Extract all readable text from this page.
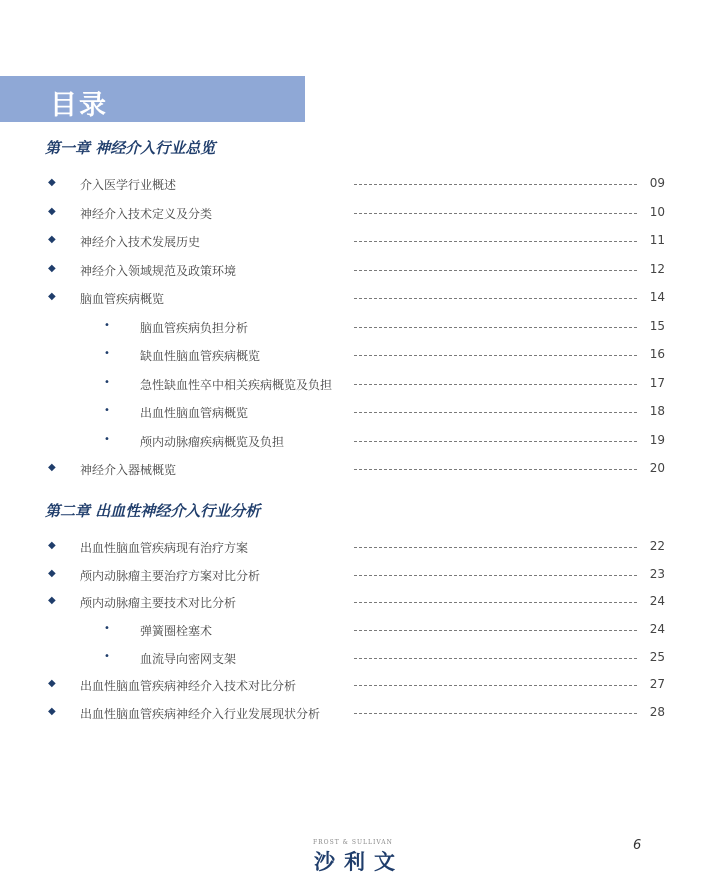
目录
第一章 神经介入行业总览
◆ 介入医学行业概述	09
◆ 神经介入技术定义及分类	10
◆ 神经介入技术发展历史	11
◆ 神经介入领域规范及政策环境	12
◆ 脑血管疾病概览	14
•	脑血管疾病负担分析	15
•	缺血性脑血管疾病概览	16
•	急性缺血性卒中相关疾病概览及负担	17
•	出血性脑血管病概览	18
•	颅内动脉瘤疾病概览及负担	19
◆ 神经介入器械概览	20
第二章 出血性神经介入行业分析
◆ 出血性脑血管疾病现有治疗方案	22
◆ 颅内动脉瘤主要治疗方案对比分析	23
◆ 颅内动脉瘤主要技术对比分析	24
•	弹簧圈栓塞术	24
•	血流导向密网支架	25
◆ 出血性脑血管疾病神经介入技术对比分析	27
◆ 出血性脑血管疾病神经介入行业发展现状分析	28
FROST & SULLIVAN
沙利文
6
